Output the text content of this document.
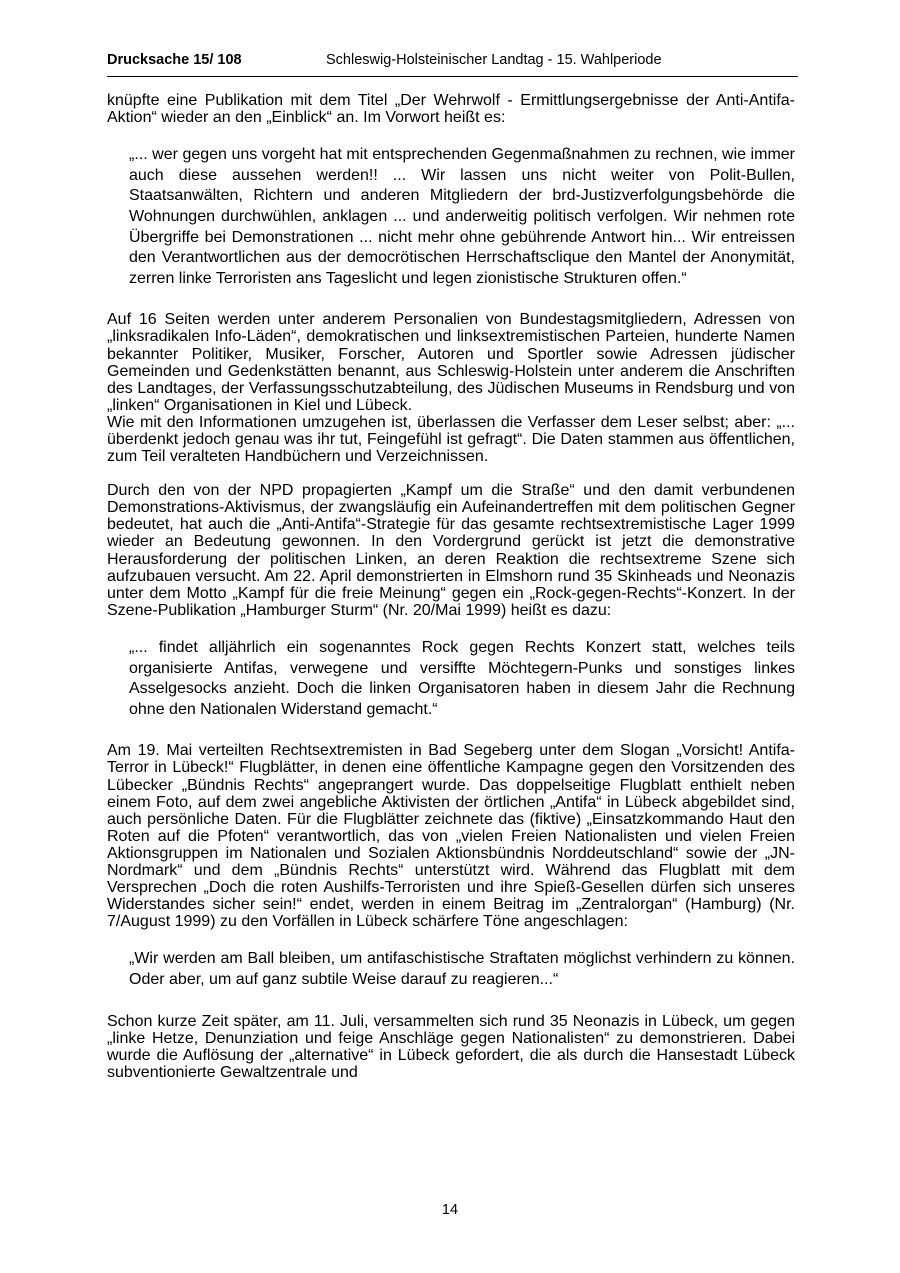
Drucksache 15/ 108	Schleswig-Holsteinischer Landtag - 15. Wahlperiode

knüpfte eine Publikation mit dem Titel „Der Wehrwolf - Ermittlungsergebnisse der Anti-Antifa-Aktion“ wieder an den „Einblick“ an. Im Vorwort heißt es:

„... wer gegen uns vorgeht hat mit entsprechenden Gegenmaßnahmen zu rechnen, wie immer auch diese aussehen werden!! ... Wir lassen uns nicht weiter von Polit-Bullen, Staatsanwälten, Richtern und anderen Mitgliedern der brd-Justizverfolgungsbehörde die Wohnungen durchwühlen, anklagen ... und anderweitig politisch verfolgen. Wir nehmen rote Übergriffe bei Demonstrationen ... nicht mehr ohne gebührende Antwort hin... Wir entreissen den Verantwortlichen aus der democrötischen Herrschaftsclique den Mantel der Anonymität, zerren linke Terroristen ans Tageslicht und legen zionistische Strukturen offen.“

Auf 16 Seiten werden unter anderem Personalien von Bundestagsmitgliedern, Adressen von „linksradikalen Info-Läden“, demokratischen und linksextremistischen Parteien, hunderte Namen bekannter Politiker, Musiker, Forscher, Autoren und Sportler sowie Adressen jüdischer Gemeinden und Gedenkstätten benannt, aus Schleswig-Holstein unter anderem die Anschriften des Landtages, der Verfassungsschutzabteilung, des Jüdischen Museums in Rendsburg und von „linken“ Organisationen in Kiel und Lübeck.

Wie mit den Informationen umzugehen ist, überlassen die Verfasser dem Leser selbst; aber: „... überdenkt jedoch genau was ihr tut, Feingefühl ist gefragt“. Die Daten stammen aus öffentlichen, zum Teil veralteten Handbüchern und Verzeichnissen.

Durch den von der NPD propagierten „Kampf um die Straße“ und den damit verbundenen Demonstrations-Aktivismus, der zwangsläufig ein Aufeinandertreffen mit dem politischen Gegner bedeutet, hat auch die „Anti-Antifa“-Strategie für das gesamte rechtsextremistische Lager 1999 wieder an Bedeutung gewonnen. In den Vordergrund gerückt ist jetzt die demonstrative Herausforderung der politischen Linken, an deren Reaktion die rechtsextreme Szene sich aufzubauen versucht. Am 22. April demonstrierten in Elmshorn rund 35 Skinheads und Neonazis unter dem Motto „Kampf für die freie Meinung“ gegen ein „Rock-gegen-Rechts“-Konzert. In der Szene-Publikation „Hamburger Sturm“ (Nr. 20/Mai 1999) heißt es dazu:

„... findet alljährlich ein sogenanntes Rock gegen Rechts Konzert statt, welches teils organisierte Antifas, verwegene und versiffte Möchtegern-Punks und sonstiges linkes Asselgesocks anzieht. Doch die linken Organisatoren haben in diesem Jahr die Rechnung ohne den Nationalen Widerstand gemacht.“

Am 19. Mai verteilten Rechtsextremisten in Bad Segeberg unter dem Slogan „Vorsicht! Antifa-Terror in Lübeck!“ Flugblätter, in denen eine öffentliche Kampagne gegen den Vorsitzenden des Lübecker „Bündnis Rechts“ angeprangert wurde. Das doppelseitige Flugblatt enthielt neben einem Foto, auf dem zwei angebliche Aktivisten der örtlichen „Antifa“ in Lübeck abgebildet sind, auch persönliche Daten. Für die Flugblätter zeichnete das (fiktive) „Einsatzkommando Haut den Roten auf die Pfoten“ verantwortlich, das von „vielen Freien Nationalisten und vielen Freien Aktionsgruppen im Nationalen und Sozialen Aktionsbündnis Norddeutschland“ sowie der „JN-Nordmark“ und dem „Bündnis Rechts“ unterstützt wird. Während das Flugblatt mit dem Versprechen „Doch die roten Aushilfs-Terroristen und ihre Spieß-Gesellen dürfen sich unseres Widerstandes sicher sein!“ endet, werden in einem Beitrag im „Zentralorgan“ (Hamburg) (Nr. 7/August 1999) zu den Vorfällen in Lübeck schärfere Töne angeschlagen:

„Wir werden am Ball bleiben, um antifaschistische Straftaten möglichst verhindern zu können. Oder aber, um auf ganz subtile Weise darauf zu reagieren...“

Schon kurze Zeit später, am 11. Juli, versammelten sich rund 35 Neonazis in Lübeck, um gegen „linke Hetze, Denunziation und feige Anschläge gegen Nationalisten“ zu demonstrieren. Dabei wurde die Auflösung der „alternative“ in Lübeck gefordert, die als durch die Hansestadt Lübeck subventionierte Gewaltzentrale und

14
